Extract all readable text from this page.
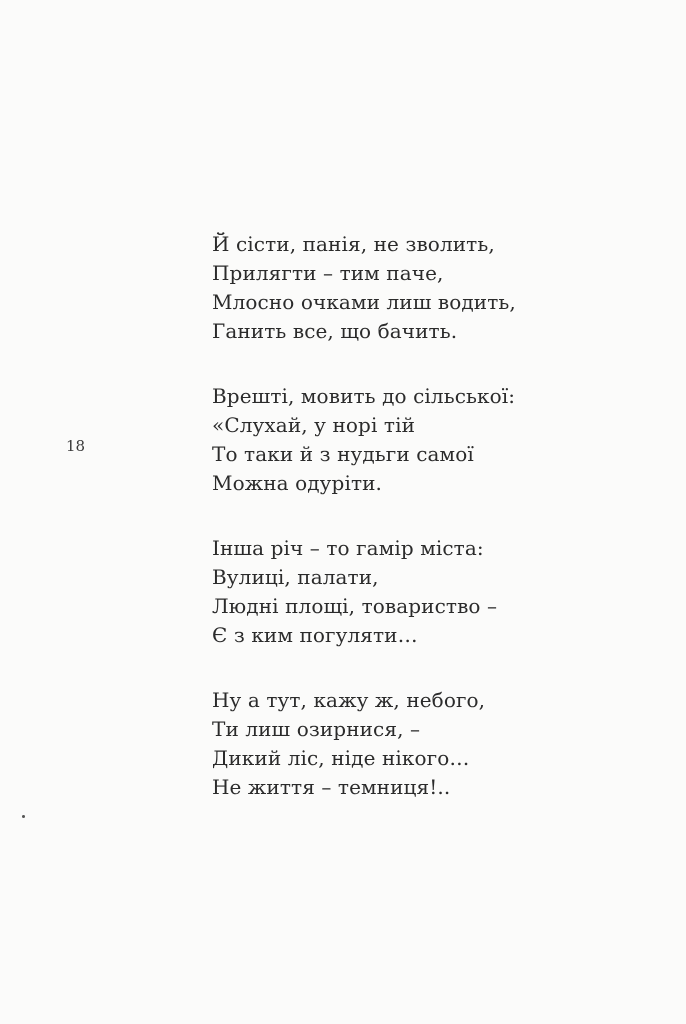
18
Й сісти, панія, не зволить,
Прилягти – тим паче,
Млосно очками лиш водить,
Ганить все, що бачить.
Врешті, мовить до сільської:
«Слухай, у норі тій
То таки й з нудьги самої
Можна одуріти.
Інша річ – то гамір міста:
Вулиці, палати,
Людні площі, товариство –
Є з ким погуляти…
Ну а тут, кажу ж, небого,
Ти лиш озирнися, –
Дикий ліс, ніде нікого…
Не життя – темниця!..
